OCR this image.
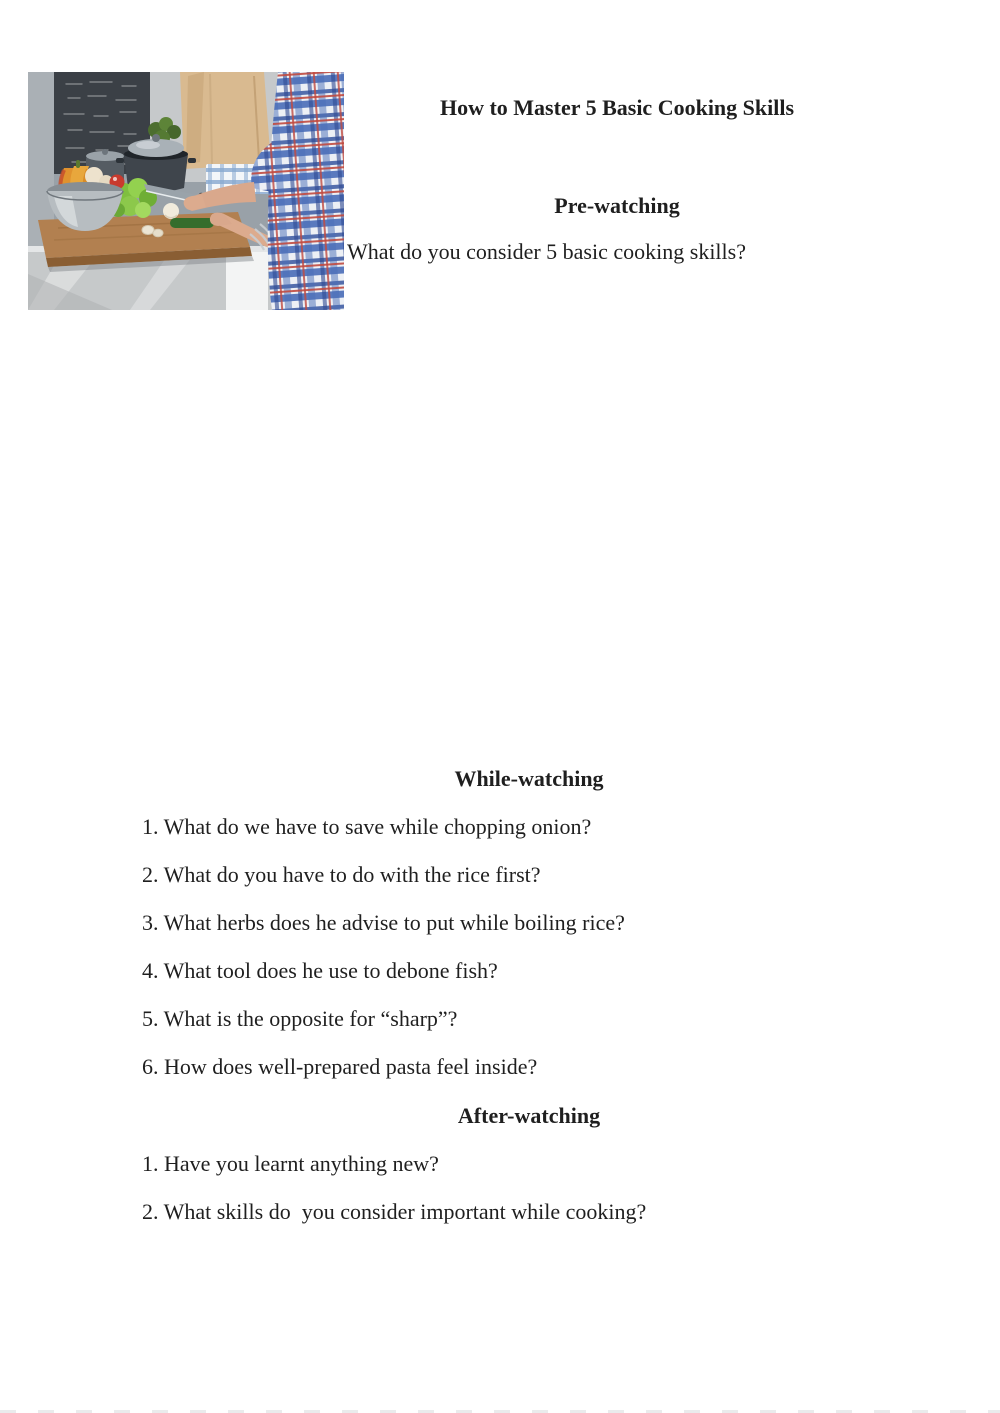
How to Master 5 Basic Cooking Skills
Pre-watching
What do you consider 5 basic cooking skills?
While-watching
1. What do we have to save while chopping onion?
2. What do you have to do with the rice first?
3. What herbs does he advise to put while boiling rice?
4. What tool does he use to debone fish?
5. What is the opposite for “sharp”?
6. How does well-prepared pasta feel inside?
After-watching
1. Have you learnt anything new?
2. What skills do  you consider important while cooking?
